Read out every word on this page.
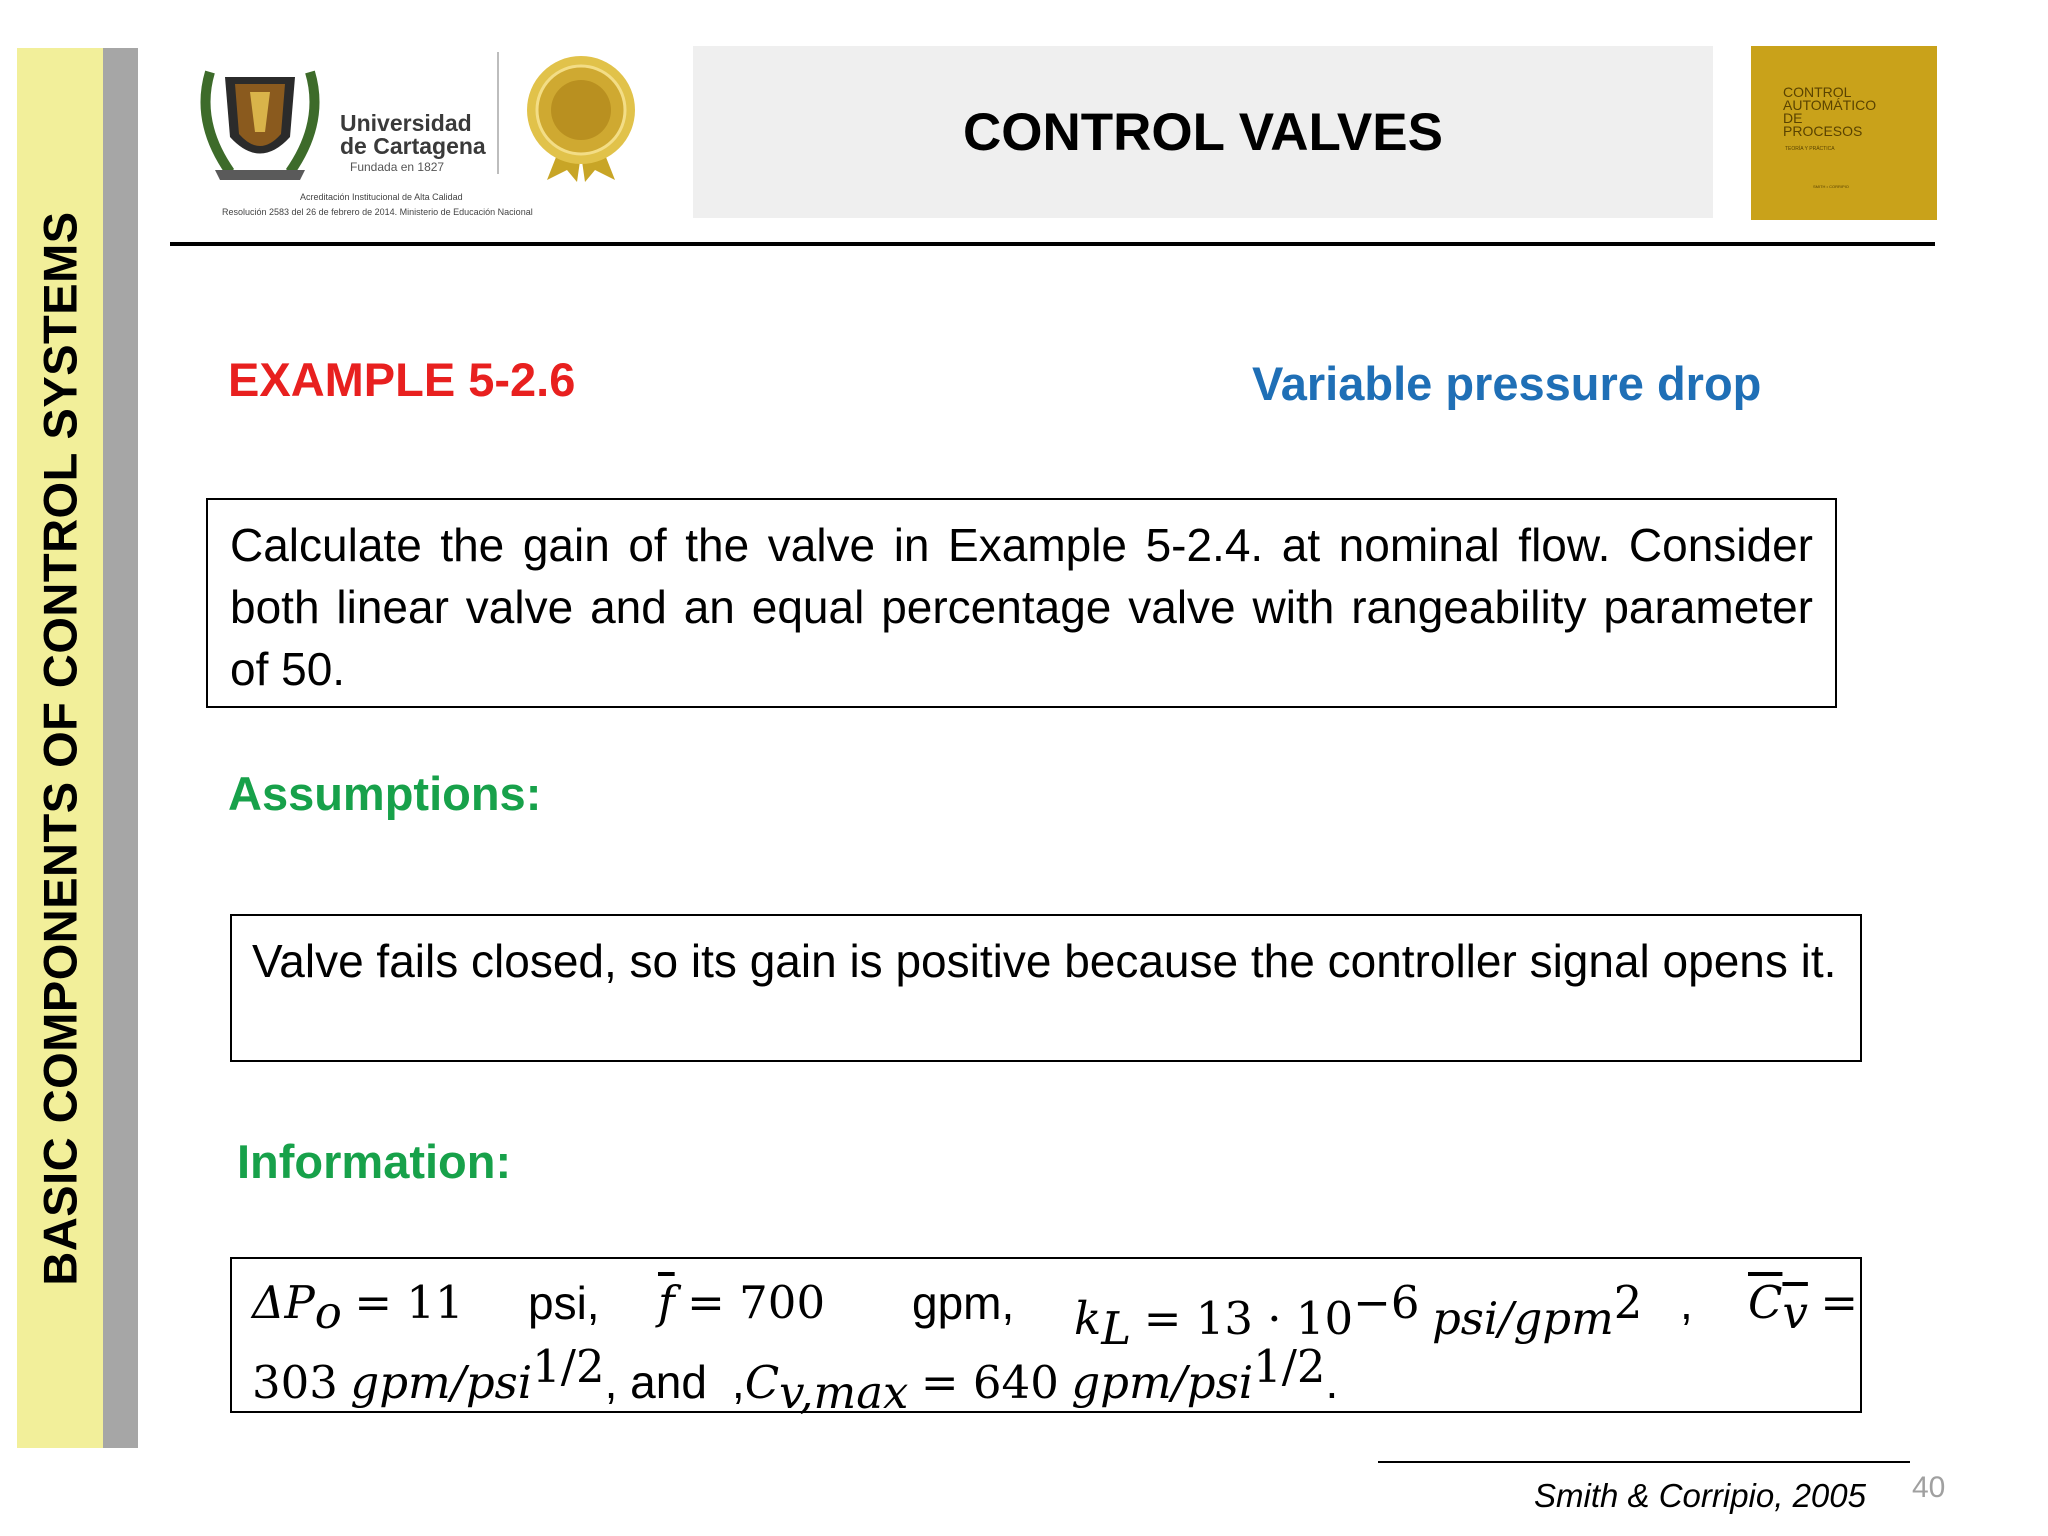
BASIC COMPONENTS OF CONTROL SYSTEMS
Universidad
de Cartagena
Fundada en 1827
Acreditación Institucional de Alta Calidad
Resolución 2583 del 26 de febrero de 2014. Ministerio de Educación Nacional
CONTROL VALVES
CONTROL
AUTOMÁTICO
DE
PROCESOS
TEORÍA Y PRÁCTICA
SMITH • CORRIPIO
EXAMPLE 5-2.6	Variable pressure drop

Calculate the gain of the valve in Example 5-2.4. at nominal flow. Consider both linear valve and an equal percentage valve with rangeability parameter of 50.

Assumptions:

Valve fails closed, so its gain is positive because the controller signal opens it.

Information:
$\Delta P_o = 11$ psi, $\overline{f} = 700$ gpm, $k_L = 13 \cdot 10^{-6}$ psi/gpm$^2$ , $C_v$ =
303 gpm/psi$^{1/2}$, and $,C_{v,max} = 640$ gpm/psi$^{1/2}$.
Smith & Corripio, 2005 40
